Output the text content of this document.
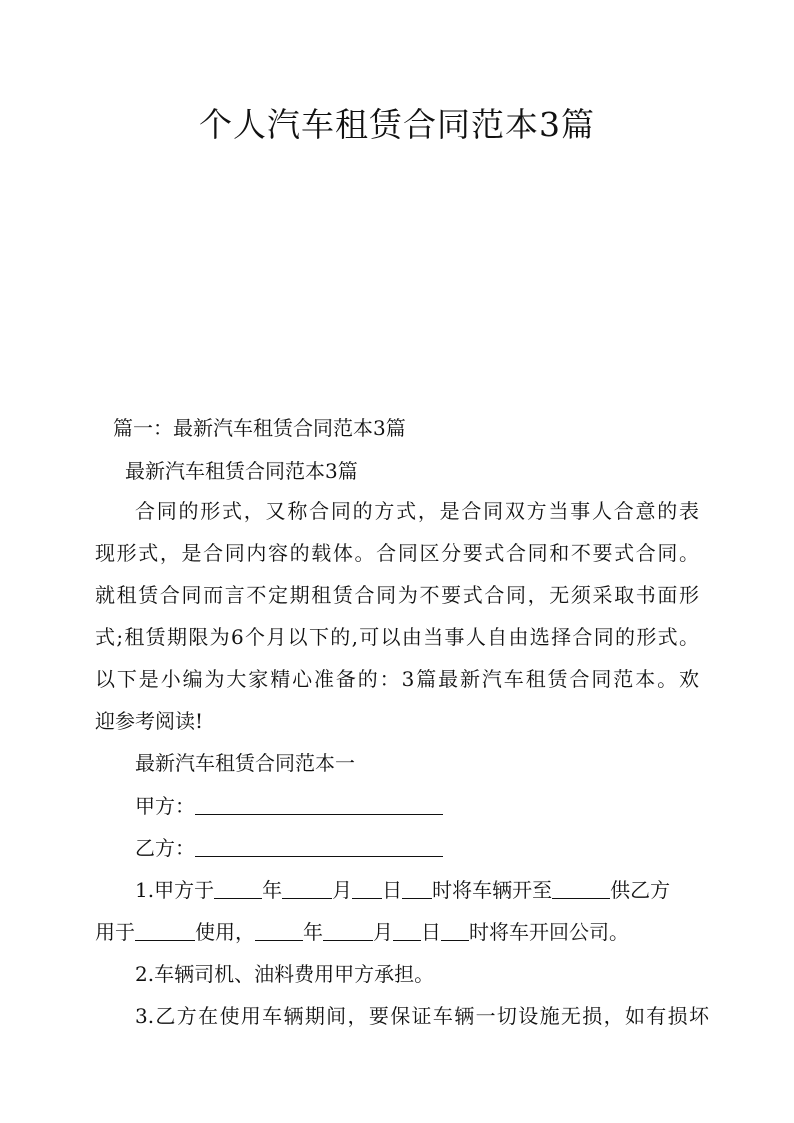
个人汽车租赁合同范本3篇

篇一：最新汽车租赁合同范本3篇

最新汽车租赁合同范本3篇

合同的形式，又称合同的方式，是合同双方当事人合意的表

现形式，是合同内容的载体。合同区分要式合同和不要式合同。

就租赁合同而言不定期租赁合同为不要式合同，无须采取书面形

式;租赁期限为6个月以下的,可以由当事人自由选择合同的形式。

以下是小编为大家精心准备的：3篇最新汽车租赁合同范本。欢

迎参考阅读!

最新汽车租赁合同范本一

甲方：

乙方：

1.甲方于 年	月 日 时将车辆开至	供乙方

用于	使用， 年	月 日 时将车开回公司。

2.车辆司机、油料费用甲方承担。

3.乙方在使用车辆期间，要保证车辆一切设施无损，如有损坏
